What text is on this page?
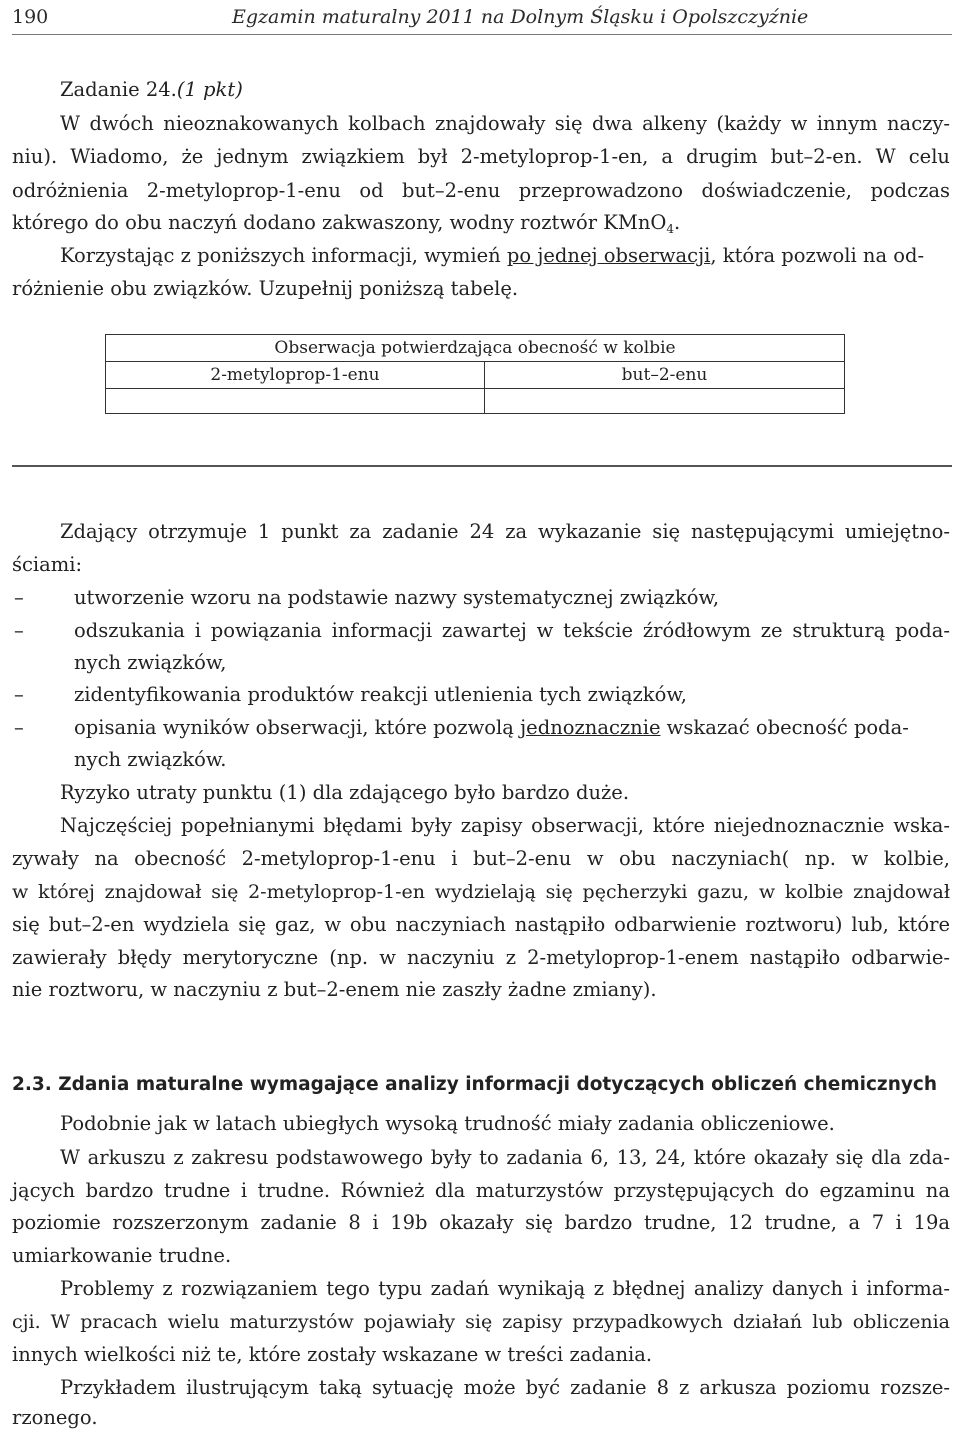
190	Egzamin maturalny 2011 na Dolnym Śląsku i Opolszczyźnie
Zadanie 24.(1 pkt)
W dwóch nieoznakowanych kolbach znajdowały się dwa alkeny (każdy w innym naczy-
niu). Wiadomo, że jednym związkiem był 2-metyloprop-1-en, a drugim but–2-en. W celu
odróżnienia 2-metyloprop-1-enu od but–2-enu przeprowadzono doświadczenie, podczas
którego do obu naczyń dodano zakwaszony, wodny roztwór KMnO$_4$.
Korzystając z poniższych informacji, wymień po jednej obserwacji, która pozwoli na od-
różnienie obu związków. Uzupełnij poniższą tabelę.
Obserwacja potwierdzająca obecność w kolbie	
2-metyloprop-1-enu	but–2-enu

Zdający otrzymuje 1 punkt za zadanie 24 za wykazanie się następującymi umiejętno-
ściami:
–	utworzenie wzoru na podstawie nazwy systematycznej związków,
–	odszukania i powiązania informacji zawartej w tekście źródłowym ze strukturą poda-
nych związków,
–	zidentyfikowania produktów reakcji utlenienia tych związków,
–	opisania wyników obserwacji, które pozwolą jednoznacznie wskazać obecność poda-
nych związków.
Ryzyko utraty punktu (1) dla zdającego było bardzo duże.
Najczęściej popełnianymi błędami były zapisy obserwacji, które niejednoznacznie wska-
zywały na obecność 2-metyloprop-1-enu i but–2-enu w obu naczyniach( np. w kolbie,
w której znajdował się 2-metyloprop-1-en wydzielają się pęcherzyki gazu, w kolbie znajdował
się but–2-en wydziela się gaz, w obu naczyniach nastąpiło odbarwienie roztworu) lub, które
zawierały błędy merytoryczne (np. w naczyniu z 2-metyloprop-1-enem nastąpiło odbarwie-
nie roztworu, w naczyniu z but–2-enem nie zaszły żadne zmiany).
2.3. Zdania maturalne wymagające analizy informacji dotyczących obliczeń chemicznych
Podobnie jak w latach ubiegłych wysoką trudność miały zadania obliczeniowe.
W arkuszu z zakresu podstawowego były to zadania 6, 13, 24, które okazały się dla zda-
jących bardzo trudne i trudne. Również dla maturzystów przystępujących do egzaminu na
poziomie rozszerzonym zadanie 8 i 19b okazały się bardzo trudne, 12 trudne, a 7 i 19a
umiarkowanie trudne.
Problemy z rozwiązaniem tego typu zadań wynikają z błędnej analizy danych i informa-
cji. W pracach wielu maturzystów pojawiały się zapisy przypadkowych działań lub obliczenia
innych wielkości niż te, które zostały wskazane w treści zadania.
Przykładem ilustrującym taką sytuację może być zadanie 8 z arkusza poziomu rozsze-
rzonego.
